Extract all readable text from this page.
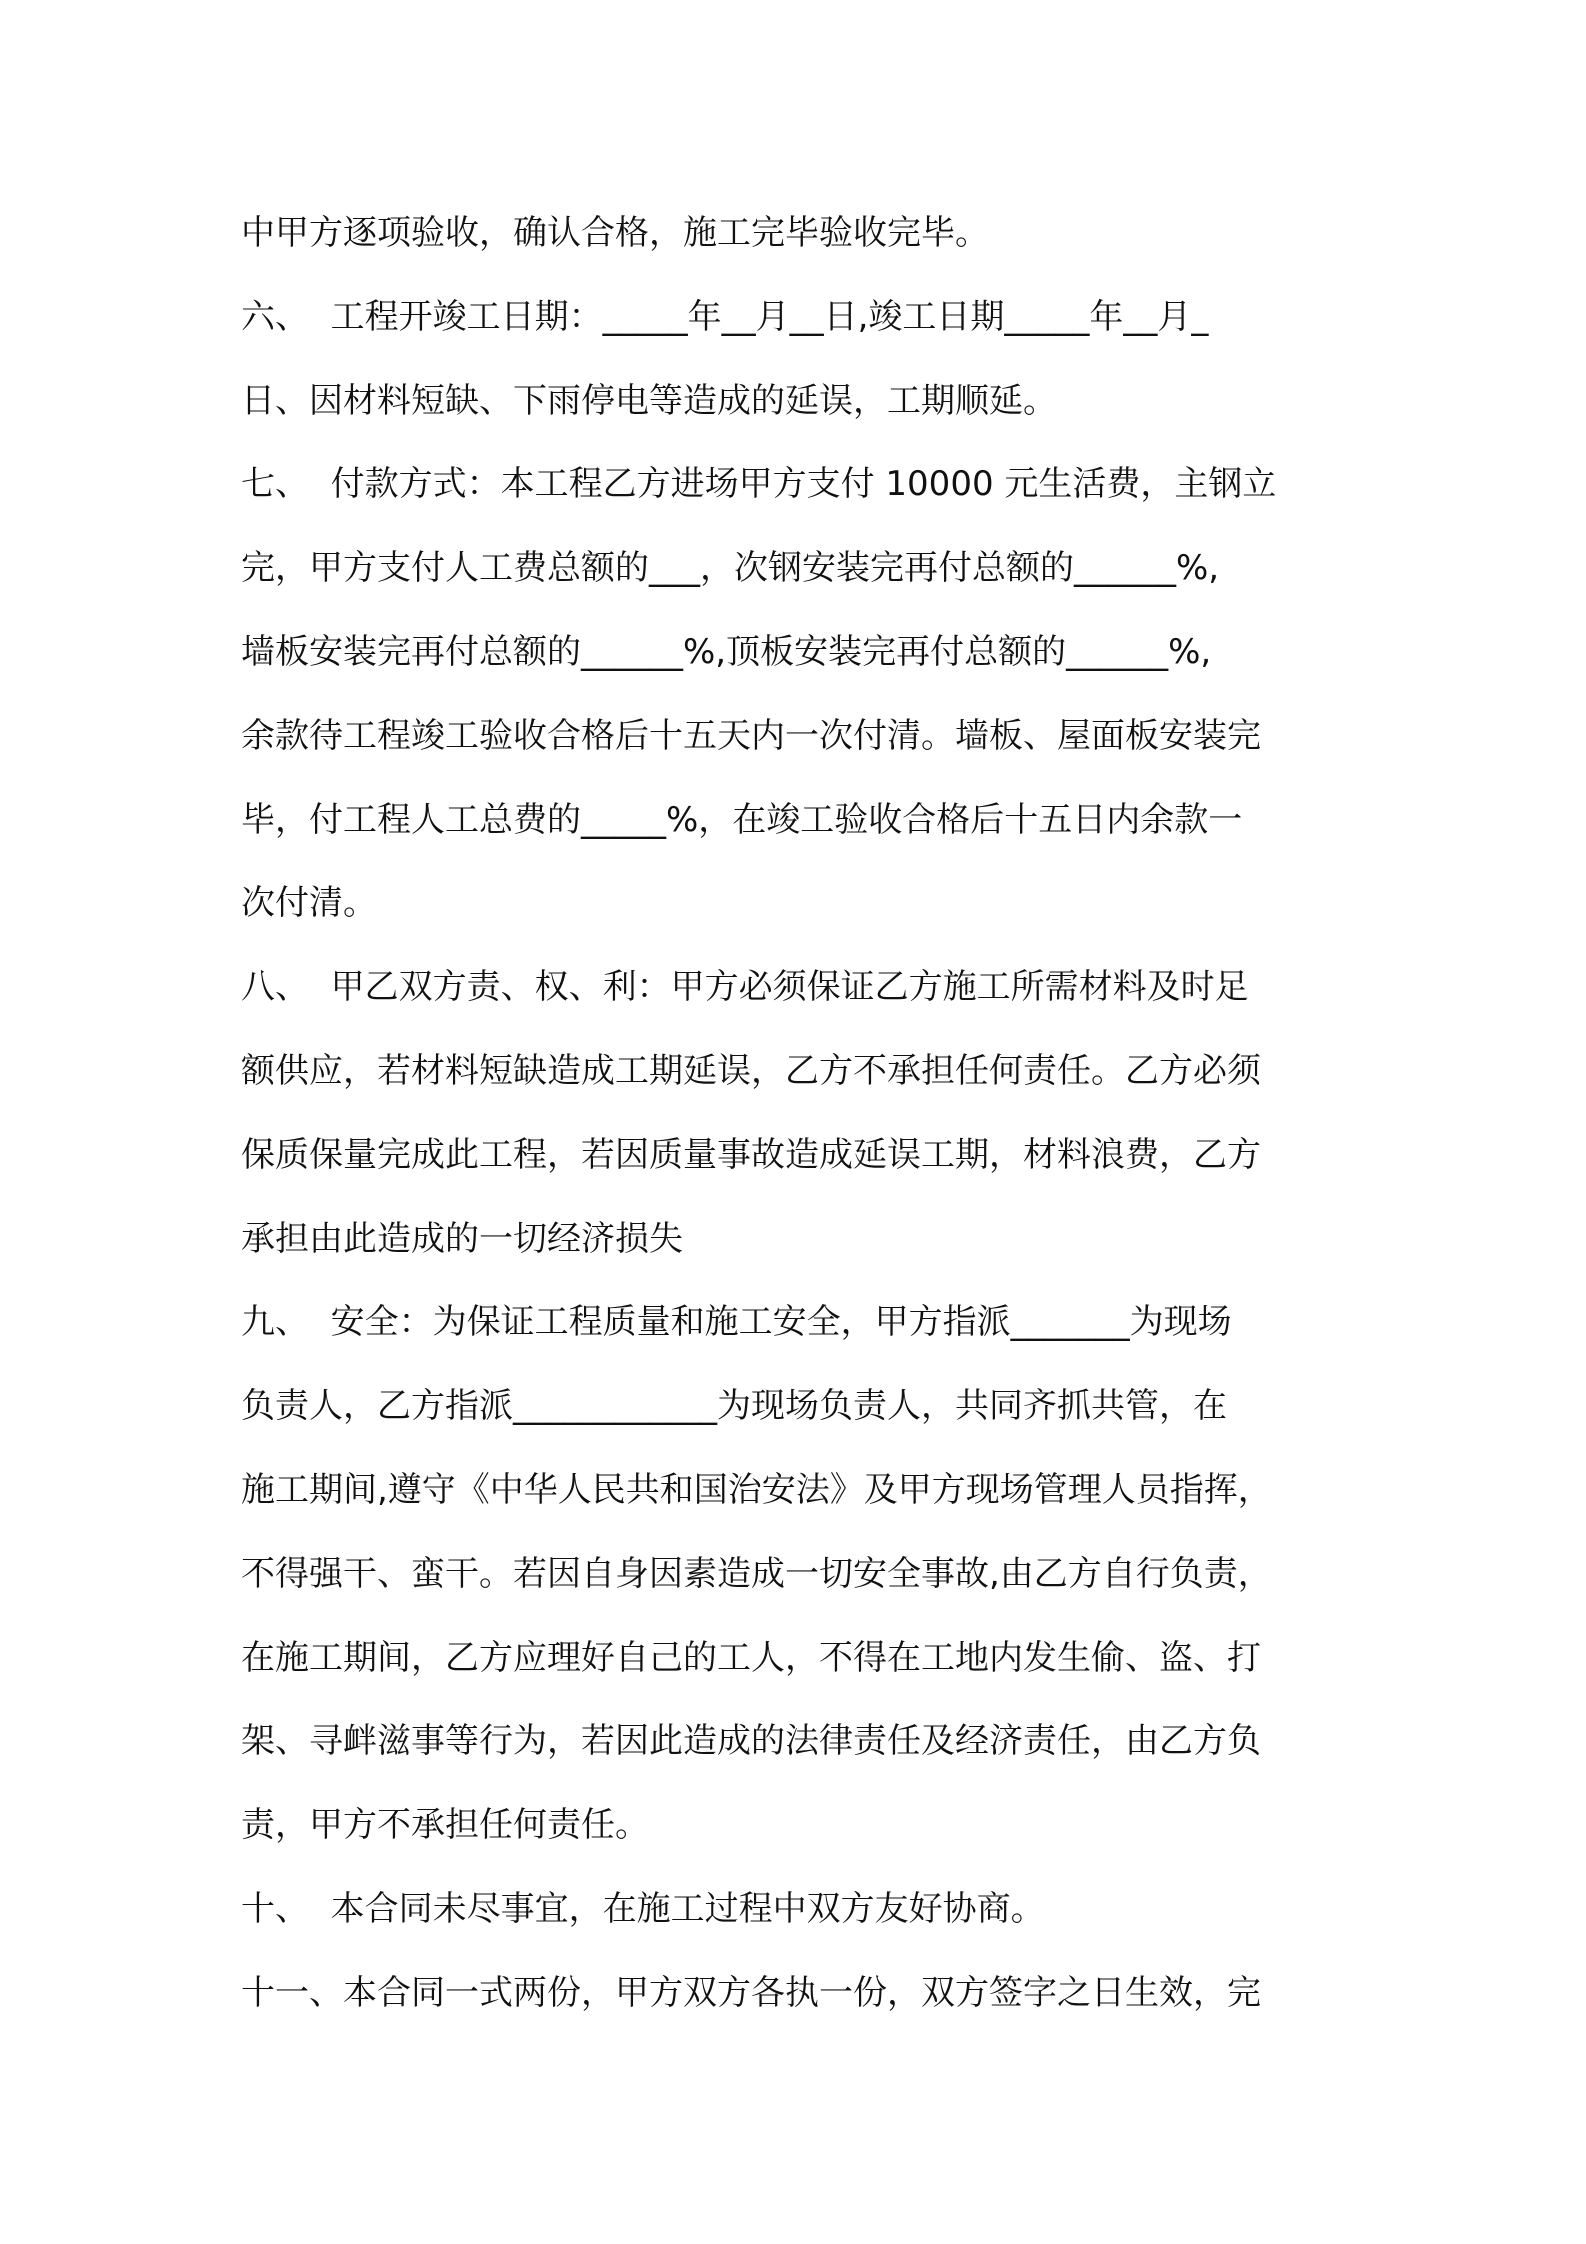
中甲方逐项验收，确认合格，施工完毕验收完毕。
六、  工程开竣工日期：_____年__月__日,竣工日期_____年__月_
日、因材料短缺、下雨停电等造成的延误，工期顺延。
七、  付款方式：本工程乙方进场甲方支付 10000 元生活费，主钢立
完，甲方支付人工费总额的___，次钢安装完再付总额的______%,
墙板安装完再付总额的______%,顶板安装完再付总额的______%,
余款待工程竣工验收合格后十五天内一次付清。墙板、屋面板安装完
毕，付工程人工总费的_____%，在竣工验收合格后十五日内余款一
次付清。
八、  甲乙双方责、权、利：甲方必须保证乙方施工所需材料及时足
额供应，若材料短缺造成工期延误，乙方不承担任何责任。乙方必须
保质保量完成此工程，若因质量事故造成延误工期，材料浪费，乙方
承担由此造成的一切经济损失
九、  安全：为保证工程质量和施工安全，甲方指派_______为现场
负责人，乙方指派____________为现场负责人，共同齐抓共管，在
施工期间,遵守《中华人民共和国治安法》及甲方现场管理人员指挥，
不得强干、蛮干。若因自身因素造成一切安全事故,由乙方自行负责，
在施工期间，乙方应理好自己的工人，不得在工地内发生偷、盗、打
架、寻衅滋事等行为，若因此造成的法律责任及经济责任，由乙方负
责，甲方不承担任何责任。
十、  本合同未尽事宜，在施工过程中双方友好协商。
十一、本合同一式两份，甲方双方各执一份，双方签字之日生效，完
